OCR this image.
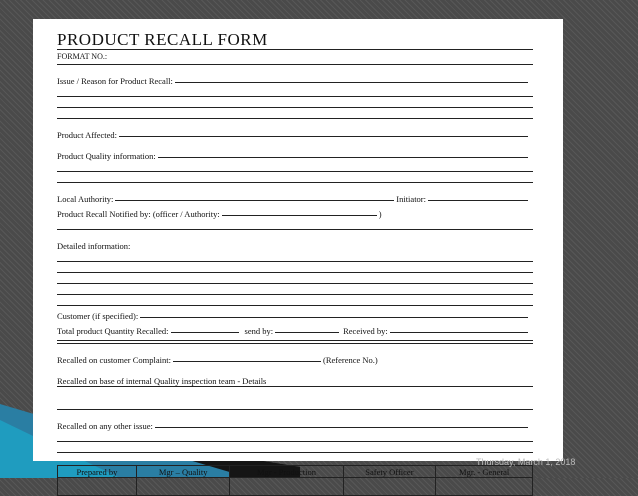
PRODUCT RECALL FORM
FORMAT NO.:
Issue / Reason for Product Recall:
Product Affected:
Product Quality information:
Local Authority:	Initiator:
Product Recall Notified by: (officer / Authority:	)
Detailed information:
Customer (if specified):
Total product Quantity Recalled:	send by:	Received by:
Recalled on customer Complaint:	(Reference No.)
Recalled on base of internal Quality inspection team - Details
Recalled on any other issue:
Prepared by	Mgr – Quality	Mgr - Production	Safety Officer	Mgr. - General

Thursday, March 1, 2018
